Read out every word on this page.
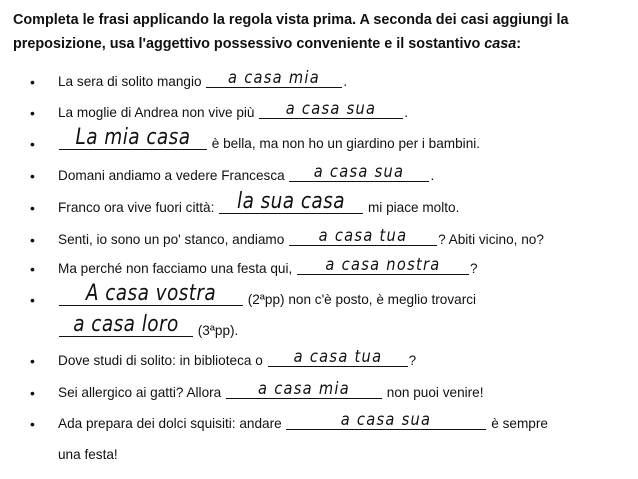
Completa le frasi applicando la regola vista prima. A seconda dei casi aggiungi la preposizione, usa l'aggettivo possessivo conveniente e il sostantivo casa:
• La sera di solito mangio	a casa mia	.
• La moglie di Andrea non vive più	a casa sua	.
• La mia casa	è bella, ma non ho un giardino per i bambini.
• Domani andiamo a vedere Francesca	a casa sua	.
• Franco ora vive fuori città: la sua casa	mi piace molto.
• Senti, io sono un po' stanco, andiamo	a casa tua	? Abiti vicino, no?
• Ma perché non facciamo una festa qui,	a casa nostra	?
•	A casa vostra	(2ªpp) non c'è posto, è meglio trovarci
a casa loro (3ªpp).
• Dove studi di solito: in biblioteca o	a casa tua	?
• Sei allergico ai gatti? Allora	a casa mia	non puoi venire!
• Ada prepara dei dolci squisiti: andare	a casa sua	è sempre
una festa!
